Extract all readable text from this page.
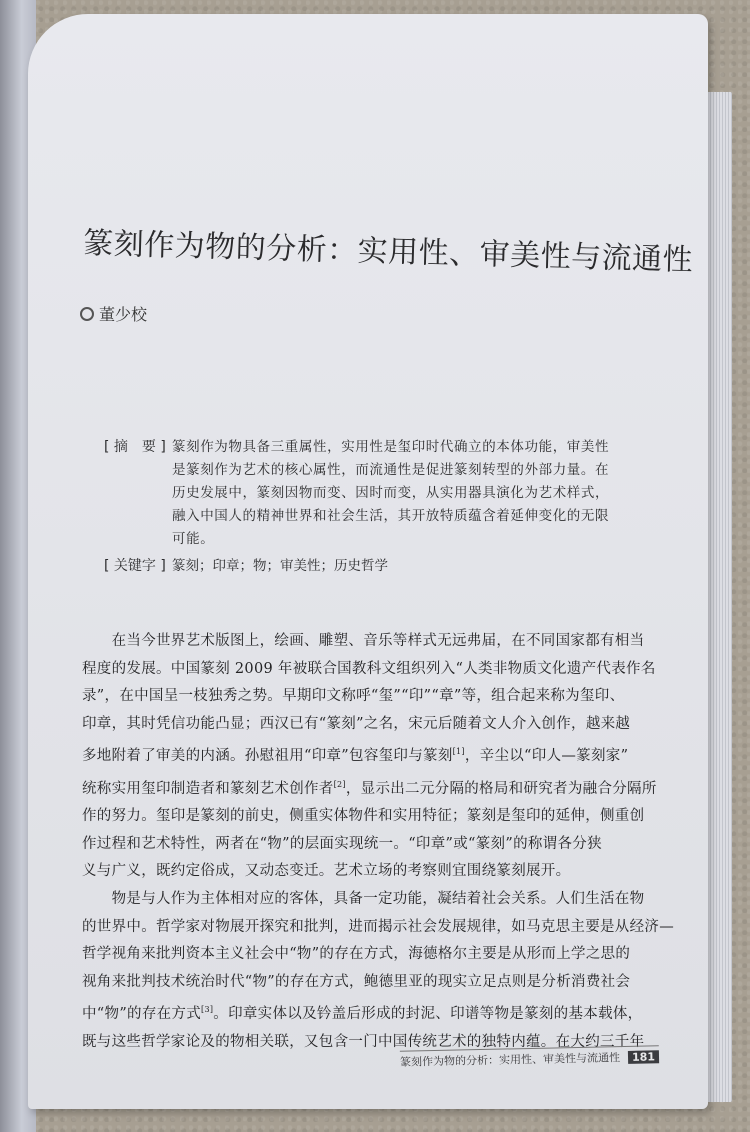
篆刻作为物的分析：实用性、审美性与流通性
董少校
[ 摘　要 ] 篆刻作为物具备三重属性，实用性是玺印时代确立的本体功能，审美性
是篆刻作为艺术的核心属性，而流通性是促进篆刻转型的外部力量。在
历史发展中，篆刻因物而变、因时而变，从实用器具演化为艺术样式，
融入中国人的精神世界和社会生活，其开放特质蕴含着延伸变化的无限
可能。
[ 关键字 ] 篆刻；印章；物；审美性；历史哲学
　　在当今世界艺术版图上，绘画、雕塑、音乐等样式无远弗届，在不同国家都有相当
程度的发展。中国篆刻 2009 年被联合国教科文组织列入“人类非物质文化遗产代表作名
录”，在中国呈一枝独秀之势。早期印文称呼“玺”“印”“章”等，组合起来称为玺印、
印章，其时凭信功能凸显；西汉已有“篆刻”之名，宋元后随着文人介入创作，越来越
多地附着了审美的内涵。孙慰祖用“印章”包容玺印与篆刻[1]，辛尘以“印人—篆刻家”
统称实用玺印制造者和篆刻艺术创作者[2]，显示出二元分隔的格局和研究者为融合分隔所
作的努力。玺印是篆刻的前史，侧重实体物件和实用特征；篆刻是玺印的延伸，侧重创
作过程和艺术特性，两者在“物”的层面实现统一。“印章”或“篆刻”的称谓各分狭
义与广义，既约定俗成，又动态变迁。艺术立场的考察则宜围绕篆刻展开。
　　物是与人作为主体相对应的客体，具备一定功能，凝结着社会关系。人们生活在物
的世界中。哲学家对物展开探究和批判，进而揭示社会发展规律，如马克思主要是从经济—
哲学视角来批判资本主义社会中“物”的存在方式，海德格尔主要是从形而上学之思的
视角来批判技术统治时代“物”的存在方式，鲍德里亚的现实立足点则是分析消费社会
中“物”的存在方式[3]。印章实体以及钤盖后形成的封泥、印谱等物是篆刻的基本载体，
既与这些哲学家论及的物相关联，又包含一门中国传统艺术的独特内蕴。在大约三千年
篆刻作为物的分析：实用性、审美性与流通性 181
